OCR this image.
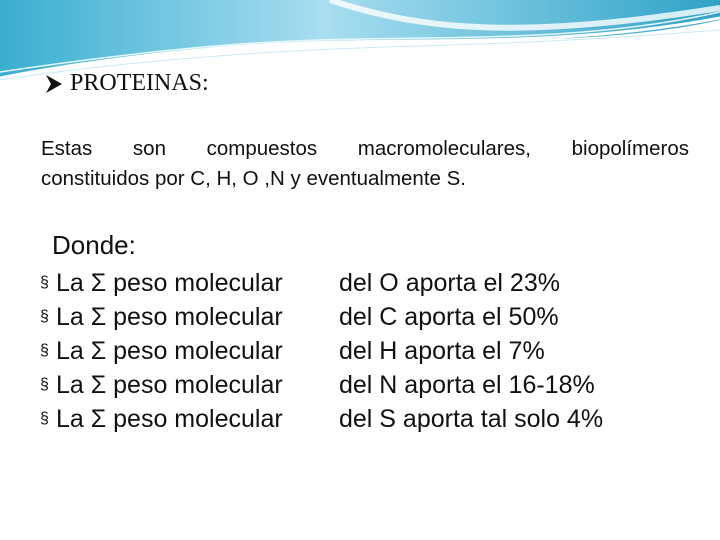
PROTEINAS:
Estas son compuestos macromoleculares, biopolímeros
constituidos por C, H, O ,N y eventualmente S.
Donde:
§ La Σ peso molecular	del O aporta el 23%
§ La Σ peso molecular	del C aporta el 50%
§ La Σ peso molecular	del H aporta el 7%
§ La Σ peso molecular	del N aporta el 16-18%
§ La Σ peso molecular	del S aporta tal solo 4%
